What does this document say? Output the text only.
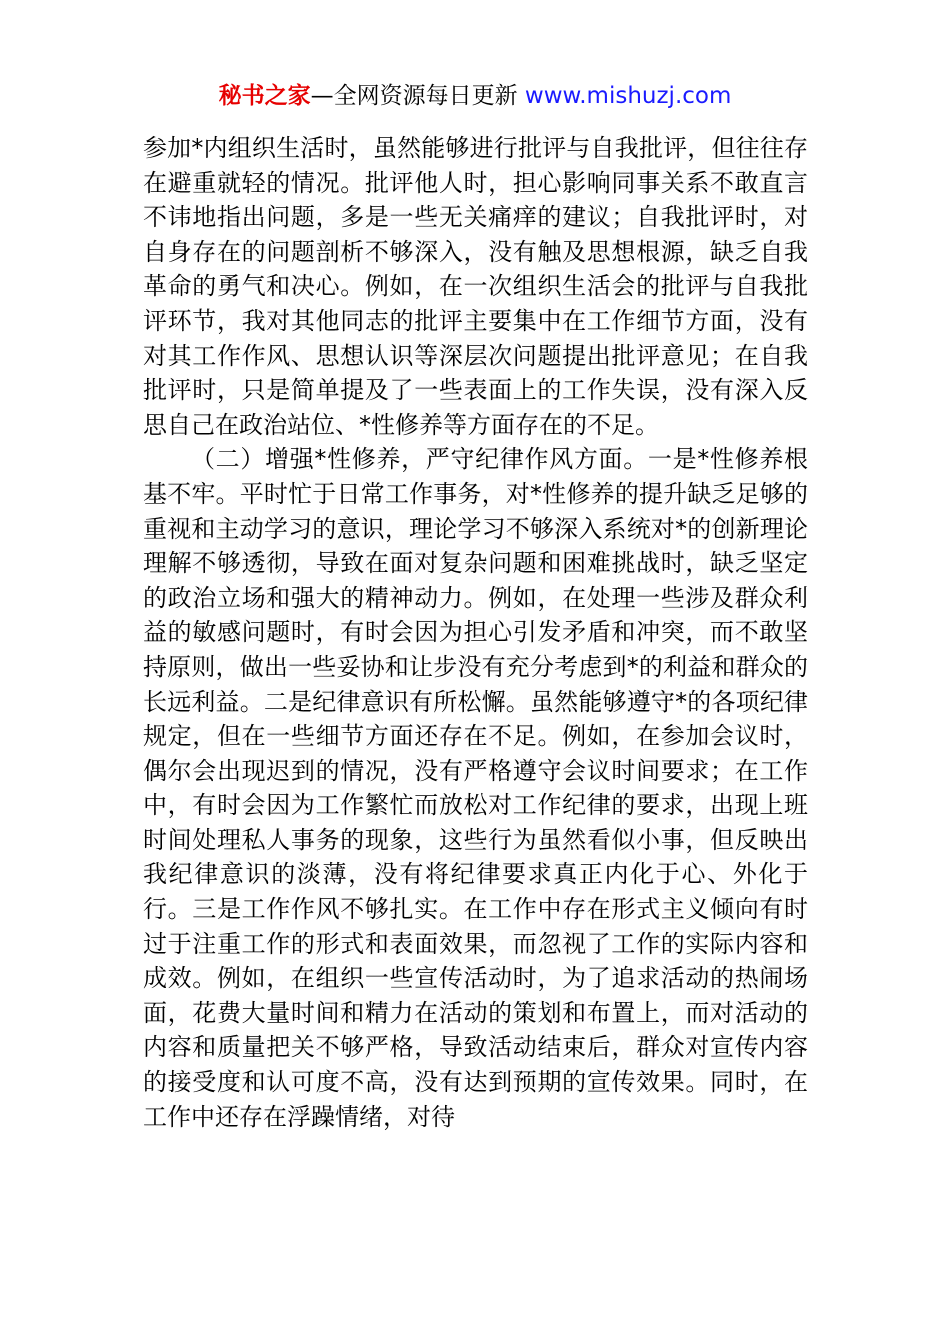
秘书之家—全网资源每日更新 www.mishuzj.com

参加*内组织生活时，虽然能够进行批评与自我批评，但往往存在避重就轻的情况。批评他人时，担心影响同事关系不敢直言不讳地指出问题，多是一些无关痛痒的建议；自我批评时，对自身存在的问题剖析不够深入，没有触及思想根源，缺乏自我革命的勇气和决心。例如，在一次组织生活会的批评与自我批评环节，我对其他同志的批评主要集中在工作细节方面，没有对其工作作风、思想认识等深层次问题提出批评意见；在自我批评时，只是简单提及了一些表面上的工作失误，没有深入反思自己在政治站位、*性修养等方面存在的不足。

（二）增强*性修养，严守纪律作风方面。一是*性修养根基不牢。平时忙于日常工作事务，对*性修养的提升缺乏足够的重视和主动学习的意识，理论学习不够深入系统对*的创新理论理解不够透彻，导致在面对复杂问题和困难挑战时，缺乏坚定的政治立场和强大的精神动力。例如，在处理一些涉及群众利益的敏感问题时，有时会因为担心引发矛盾和冲突，而不敢坚持原则，做出一些妥协和让步没有充分考虑到*的利益和群众的长远利益。二是纪律意识有所松懈。虽然能够遵守*的各项纪律规定，但在一些细节方面还存在不足。例如，在参加会议时，偶尔会出现迟到的情况，没有严格遵守会议时间要求；在工作中，有时会因为工作繁忙而放松对工作纪律的要求，出现上班时间处理私人事务的现象，这些行为虽然看似小事，但反映出我纪律意识的淡薄，没有将纪律要求真正内化于心、外化于行。三是工作作风不够扎实。在工作中存在形式主义倾向有时过于注重工作的形式和表面效果，而忽视了工作的实际内容和成效。例如，在组织一些宣传活动时，为了追求活动的热闹场面，花费大量时间和精力在活动的策划和布置上，而对活动的内容和质量把关不够严格，导致活动结束后，群众对宣传内容的接受度和认可度不高，没有达到预期的宣传效果。同时，在工作中还存在浮躁情绪，对待
